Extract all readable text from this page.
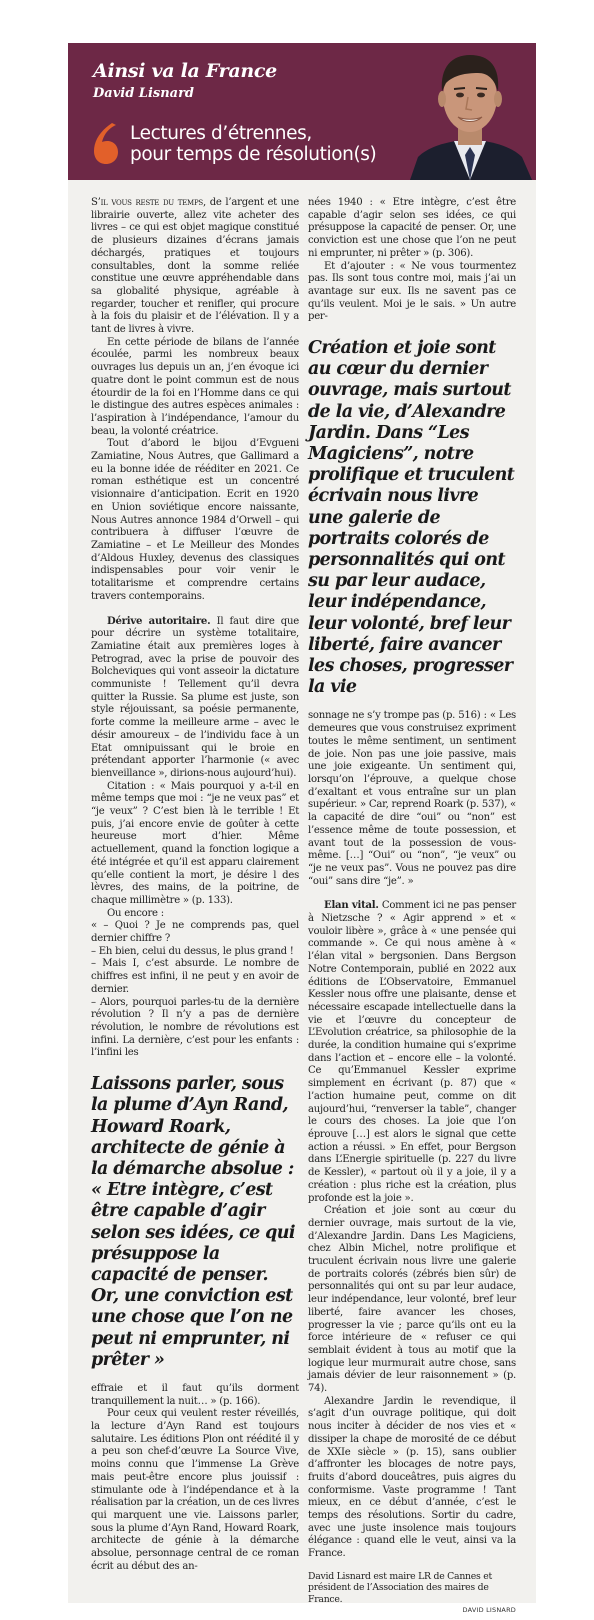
Ainsi va la France
David Lisnard
Lectures d’étrennes,
pour temps de résolution(s)

S’il vous reste du temps, de l’argent et une librairie ouverte, allez vite acheter des livres – ce qui est objet magique constitué de plusieurs dizaines d’écrans jamais déchargés, pratiques et toujours consultables, dont la somme reliée constitue une œuvre appréhendable dans sa globalité physique, agréable à regarder, toucher et renifler, qui procure à la fois du plaisir et de l’élévation. Il y a tant de livres à vivre.

En cette période de bilans de l’année écoulée, parmi les nombreux beaux ouvrages lus depuis un an, j’en évoque ici quatre dont le point commun est de nous étourdir de la foi en l’Homme dans ce qui le distingue des autres espèces animales : l’aspiration à l’indépendance, l’amour du beau, la volonté créatrice.

Tout d’abord le bijou d’Evgueni Zamiatine, Nous Autres, que Gallimard a eu la bonne idée de rééditer en 2021. Ce roman esthétique est un concentré visionnaire d’anticipation. Ecrit en 1920 en Union soviétique encore naissante, Nous Autres annonce 1984 d’Orwell – qui contribuera à diffuser l’œuvre de Zamiatine – et Le Meilleur des Mondes d’Aldous Huxley, devenus des classiques indispensables pour voir venir le totalitarisme et comprendre certains travers contemporains.

Dérive autoritaire. Il faut dire que pour décrire un système totalitaire, Zamiatine était aux premières loges à Petrograd, avec la prise de pouvoir des Bolcheviques qui vont asseoir la dictature communiste ! Tellement qu’il devra quitter la Russie. Sa plume est juste, son style réjouissant, sa poésie permanente, forte comme la meilleure arme – avec le désir amoureux – de l’individu face à un Etat omnipuissant qui le broie en prétendant apporter l’harmonie (« avec bienveillance », dirions-nous aujourd’hui).

Citation : « Mais pourquoi y a-t-il en même temps que moi : “je ne veux pas” et “je veux” ? C’est bien là le terrible ! Et puis, j’ai encore envie de goûter à cette heureuse mort d’hier. Même actuellement, quand la fonction logique a été intégrée et qu’il est apparu clairement qu’elle contient la mort, je désire l des lèvres, des mains, de la poitrine, de chaque millimètre » (p. 133).

Ou encore :

« – Quoi ? Je ne comprends pas, quel dernier chiffre ?

– Eh bien, celui du dessus, le plus grand !

– Mais I, c’est absurde. Le nombre de chiffres est infini, il ne peut y en avoir de dernier.

– Alors, pourquoi parles-tu de la dernière révolution ? Il n’y a pas de dernière révolution, le nombre de révolutions est infini. La dernière, c’est pour les enfants : l’infini les

Laissons parler, sous la plume d’Ayn Rand, Howard Roark, architecte de génie à la démarche absolue : « Etre intègre, c’est être capable d’agir selon ses idées, ce qui présuppose la capacité de penser. Or, une conviction est une chose que l’on ne peut ni emprunter, ni prêter »

effraie et il faut qu’ils dorment tranquillement la nuit… » (p. 166).

Pour ceux qui veulent rester réveillés, la lecture d’Ayn Rand est toujours salutaire. Les éditions Plon ont réédité il y a peu son chef-d’œuvre La Source Vive, moins connu que l’immense La Grève mais peut-être encore plus jouissif : stimulante ode à l’indépendance et à la réalisation par la création, un de ces livres qui marquent une vie. Laissons parler, sous la plume d’Ayn Rand, Howard Roark, architecte de génie à la démarche absolue, personnage central de ce roman écrit au début des an-

nées 1940 : « Etre intègre, c’est être capable d’agir selon ses idées, ce qui présuppose la capacité de penser. Or, une conviction est une chose que l’on ne peut ni emprunter, ni prêter » (p. 306).

Et d’ajouter : « Ne vous tourmentez pas. Ils sont tous contre moi, mais j’ai un avantage sur eux. Ils ne savent pas ce qu’ils veulent. Moi je le sais. » Un autre per-

Création et joie sont au cœur du dernier ouvrage, mais surtout de la vie, d’Alexandre Jardin. Dans “Les Magiciens”, notre prolifique et truculent écrivain nous livre une galerie de portraits colorés de personnalités qui ont su par leur audace, leur indépendance, leur volonté, bref leur liberté, faire avancer les choses, progresser la vie

sonnage ne s’y trompe pas (p. 516) : « Les demeures que vous construisez expriment toutes le même sentiment, un sentiment de joie. Non pas une joie passive, mais une joie exigeante. Un sentiment qui, lorsqu’on l’éprouve, a quelque chose d’exaltant et vous entraîne sur un plan supérieur. » Car, reprend Roark (p. 537), « la capacité de dire “oui” ou “non” est l’essence même de toute possession, et avant tout de la possession de vous-même. […] “Oui” ou “non”, “je veux” ou “je ne veux pas”. Vous ne pouvez pas dire “oui” sans dire “je”. »

Elan vital. Comment ici ne pas penser à Nietzsche ? « Agir apprend » et « vouloir libère », grâce à « une pensée qui commande ». Ce qui nous amène à « l’élan vital » bergsonien. Dans Bergson Notre Contemporain, publié en 2022 aux éditions de L’Observatoire, Emmanuel Kessler nous offre une plaisante, dense et nécessaire escapade intellectuelle dans la vie et l’œuvre du concepteur de L’Evolution créatrice, sa philosophie de la durée, la condition humaine qui s’exprime dans l’action et – encore elle – la volonté. Ce qu’Emmanuel Kessler exprime simplement en écrivant (p. 87) que « l’action humaine peut, comme on dit aujourd’hui, “renverser la table”, changer le cours des choses. La joie que l’on éprouve […] est alors le signal que cette action a réussi. » En effet, pour Bergson dans L’Energie spirituelle (p. 227 du livre de Kessler), « partout où il y a joie, il y a création : plus riche est la création, plus profonde est la joie ».

Création et joie sont au cœur du dernier ouvrage, mais surtout de la vie, d’Alexandre Jardin. Dans Les Magiciens, chez Albin Michel, notre prolifique et truculent écrivain nous livre une galerie de portraits colorés (zébrés bien sûr) de personnalités qui ont su par leur audace, leur indépendance, leur volonté, bref leur liberté, faire avancer les choses, progresser la vie ; parce qu’ils ont eu la force intérieure de « refuser ce qui semblait évident à tous au motif que la logique leur murmurait autre chose, sans jamais dévier de leur raisonnement » (p. 74).

Alexandre Jardin le revendique, il s’agit d’un ouvrage politique, qui doit nous inciter à décider de nos vies et « dissiper la chape de morosité de ce début de XXIe siècle » (p. 15), sans oublier d’affronter les blocages de notre pays, fruits d’abord douceâtres, puis aigres du conformisme. Vaste programme ! Tant mieux, en ce début d’année, c’est le temps des résolutions. Sortir du cadre, avec une juste insolence mais toujours élégance : quand elle le veut, ainsi va la France.

David Lisnard est maire LR de Cannes et président de l’Association des maires de France.

DAVID LISNARD
